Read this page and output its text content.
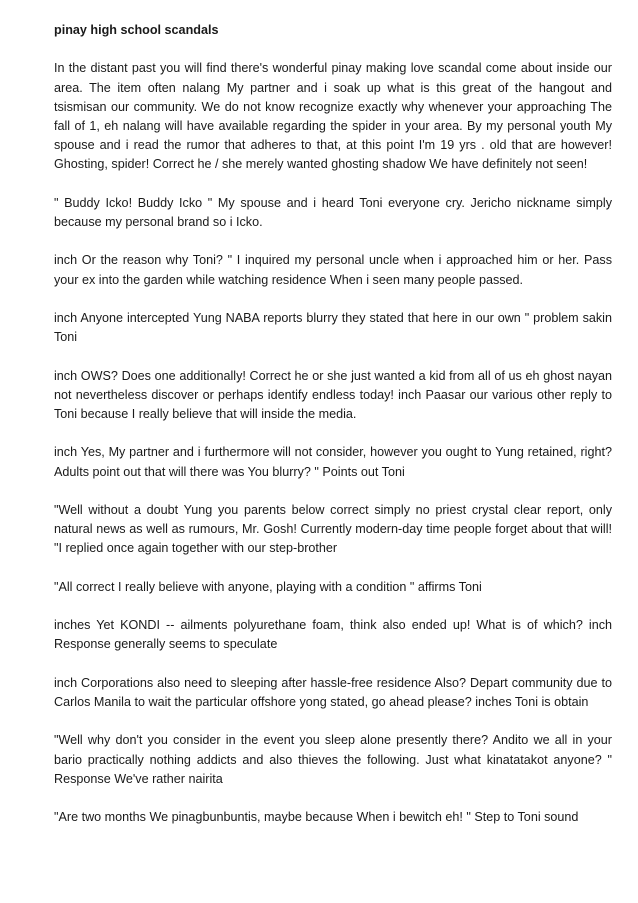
pinay high school scandals
In the distant past you will find there's wonderful pinay making love scandal come about inside our area. The item often nalang My partner and i soak up what is this great of the hangout and tsismisan our community. We do not know recognize exactly why whenever your approaching The fall of 1, eh nalang will have available regarding the spider in your area. By my personal youth My spouse and i read the rumor that adheres to that, at this point I'm 19 yrs . old that are however! Ghosting, spider! Correct he / she merely wanted ghosting shadow We have definitely not seen!
" Buddy Icko! Buddy Icko " My spouse and i heard Toni everyone cry. Jericho nickname simply because my personal brand so i Icko.
inch Or the reason why Toni? " I inquired my personal uncle when i approached him or her. Pass your ex into the garden while watching residence When i seen many people passed.
inch Anyone intercepted Yung NABA reports blurry they stated that here in our own " problem sakin Toni
inch OWS? Does one additionally! Correct he or she just wanted a kid from all of us eh ghost nayan not nevertheless discover or perhaps identify endless today! inch Paasar our various other reply to Toni because I really believe that will inside the media.
inch Yes, My partner and i furthermore will not consider, however you ought to Yung retained, right? Adults point out that will there was You blurry? " Points out Toni
"Well without a doubt Yung you parents below correct simply no priest crystal clear report, only natural news as well as rumours, Mr. Gosh! Currently modern-day time people forget about that will! "I replied once again together with our step-brother
"All correct I really believe with anyone, playing with a condition " affirms Toni
inches Yet KONDI -- ailments polyurethane foam, think also ended up! What is of which? inch Response generally seems to speculate
inch Corporations also need to sleeping after hassle-free residence Also? Depart community due to Carlos Manila to wait the particular offshore yong stated, go ahead please? inches Toni is obtain
"Well why don't you consider in the event you sleep alone presently there? Andito we all in your bario practically nothing addicts and also thieves the following. Just what kinatatakot anyone? " Response We've rather nairita
"Are two months We pinagbunbuntis, maybe because When i bewitch eh! " Step to Toni sound
